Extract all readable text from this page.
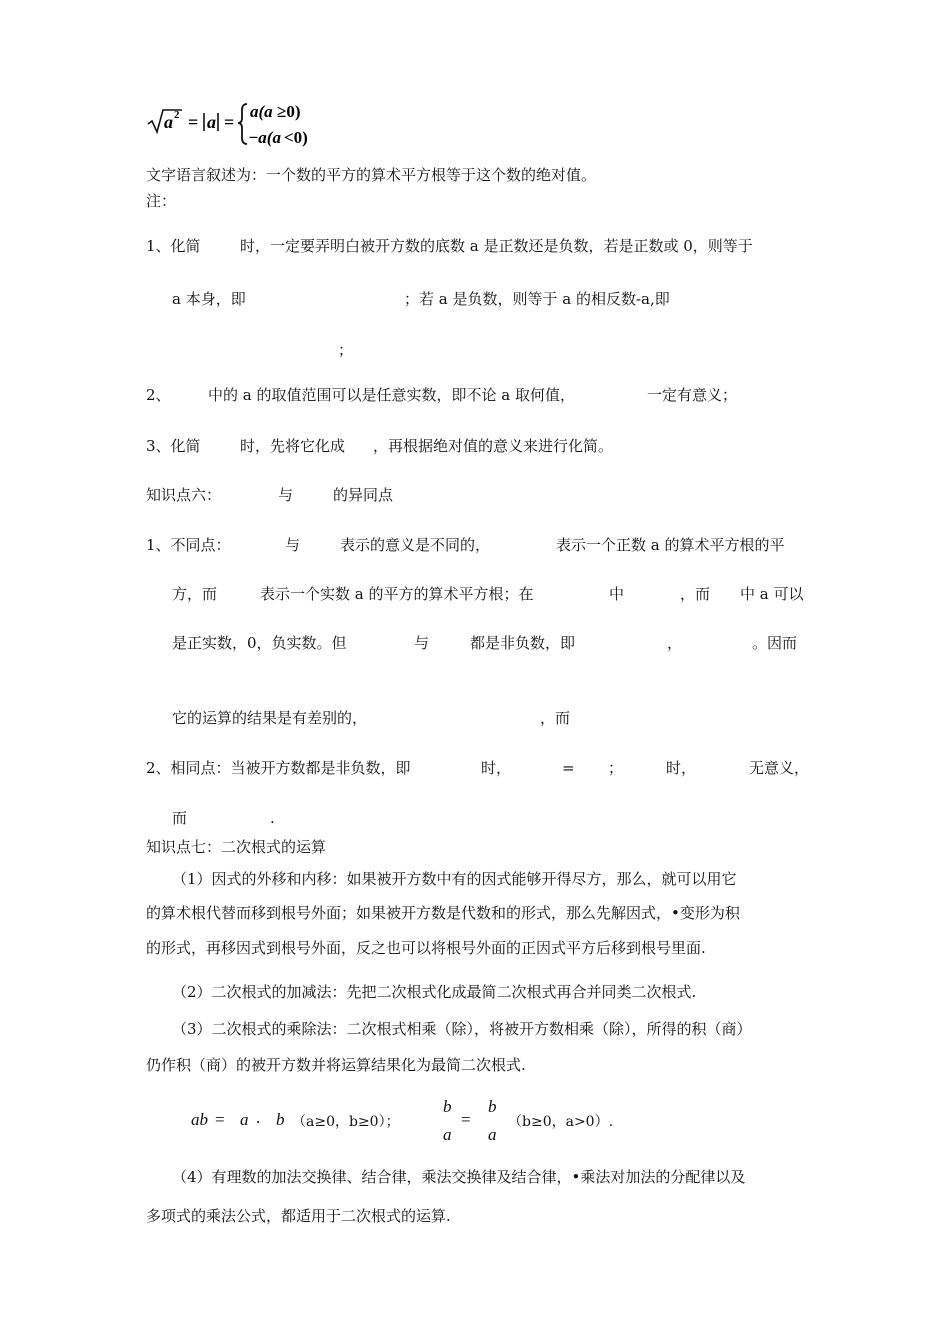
a 2 = a =
a(a ≥0)
−a(a <0)
文字语言叙述为：一个数的平方的算术平方根等于这个数的绝对值。
注：
1、化简	时，一定要弄明白被开方数的底数 a 是正数还是负数，若是正数或 0，则等于
a 本身，即	；若 a 是负数，则等于 a 的相反数-a,即
；
2、 中的 a 的取值范围可以是任意实数，即不论 a 取何值，	一定有意义；
3、化简	时，先将它化成 ，再根据绝对值的意义来进行化简。
知识点六：	与	的异同点
1、不同点：	与	表示的意义是不同的，	表示一个正数 a 的算术平方根的平
方，而	表示一个实数 a 的平方的算术平方根；在	中	，而 中 a 可以
是正实数，0，负实数。但	与	都是非负数，即	，	。因而
它的运算的结果是有差别的，	，而
2、相同点：当被开方数都是非负数，即	时，	= ；	时，	无意义，
而	.
知识点七：二次根式的运算
（1）因式的外移和内移：如果被开方数中有的因式能够开得尽方，那么，就可以用它
的算术根代替而移到根号外面；如果被开方数是代数和的形式，那么先解因式，•变形为积
的形式，再移因式到根号外面，反之也可以将根号外面的正因式平方后移到根号里面.
（2）二次根式的加减法：先把二次根式化成最简二次根式再合并同类二次根式.
（3）二次根式的乘除法：二次根式相乘（除），将被开方数相乘（除），所得的积（商）
仍作积（商）的被开方数并将运算结果化为最简二次根式.
ab = a . b （a≥0，b≥0）；
b
a
=
b
a
（b≥0，a>0）.
（4）有理数的加法交换律、结合律，乘法交换律及结合律，•乘法对加法的分配律以及
多项式的乘法公式，都适用于二次根式的运算.
